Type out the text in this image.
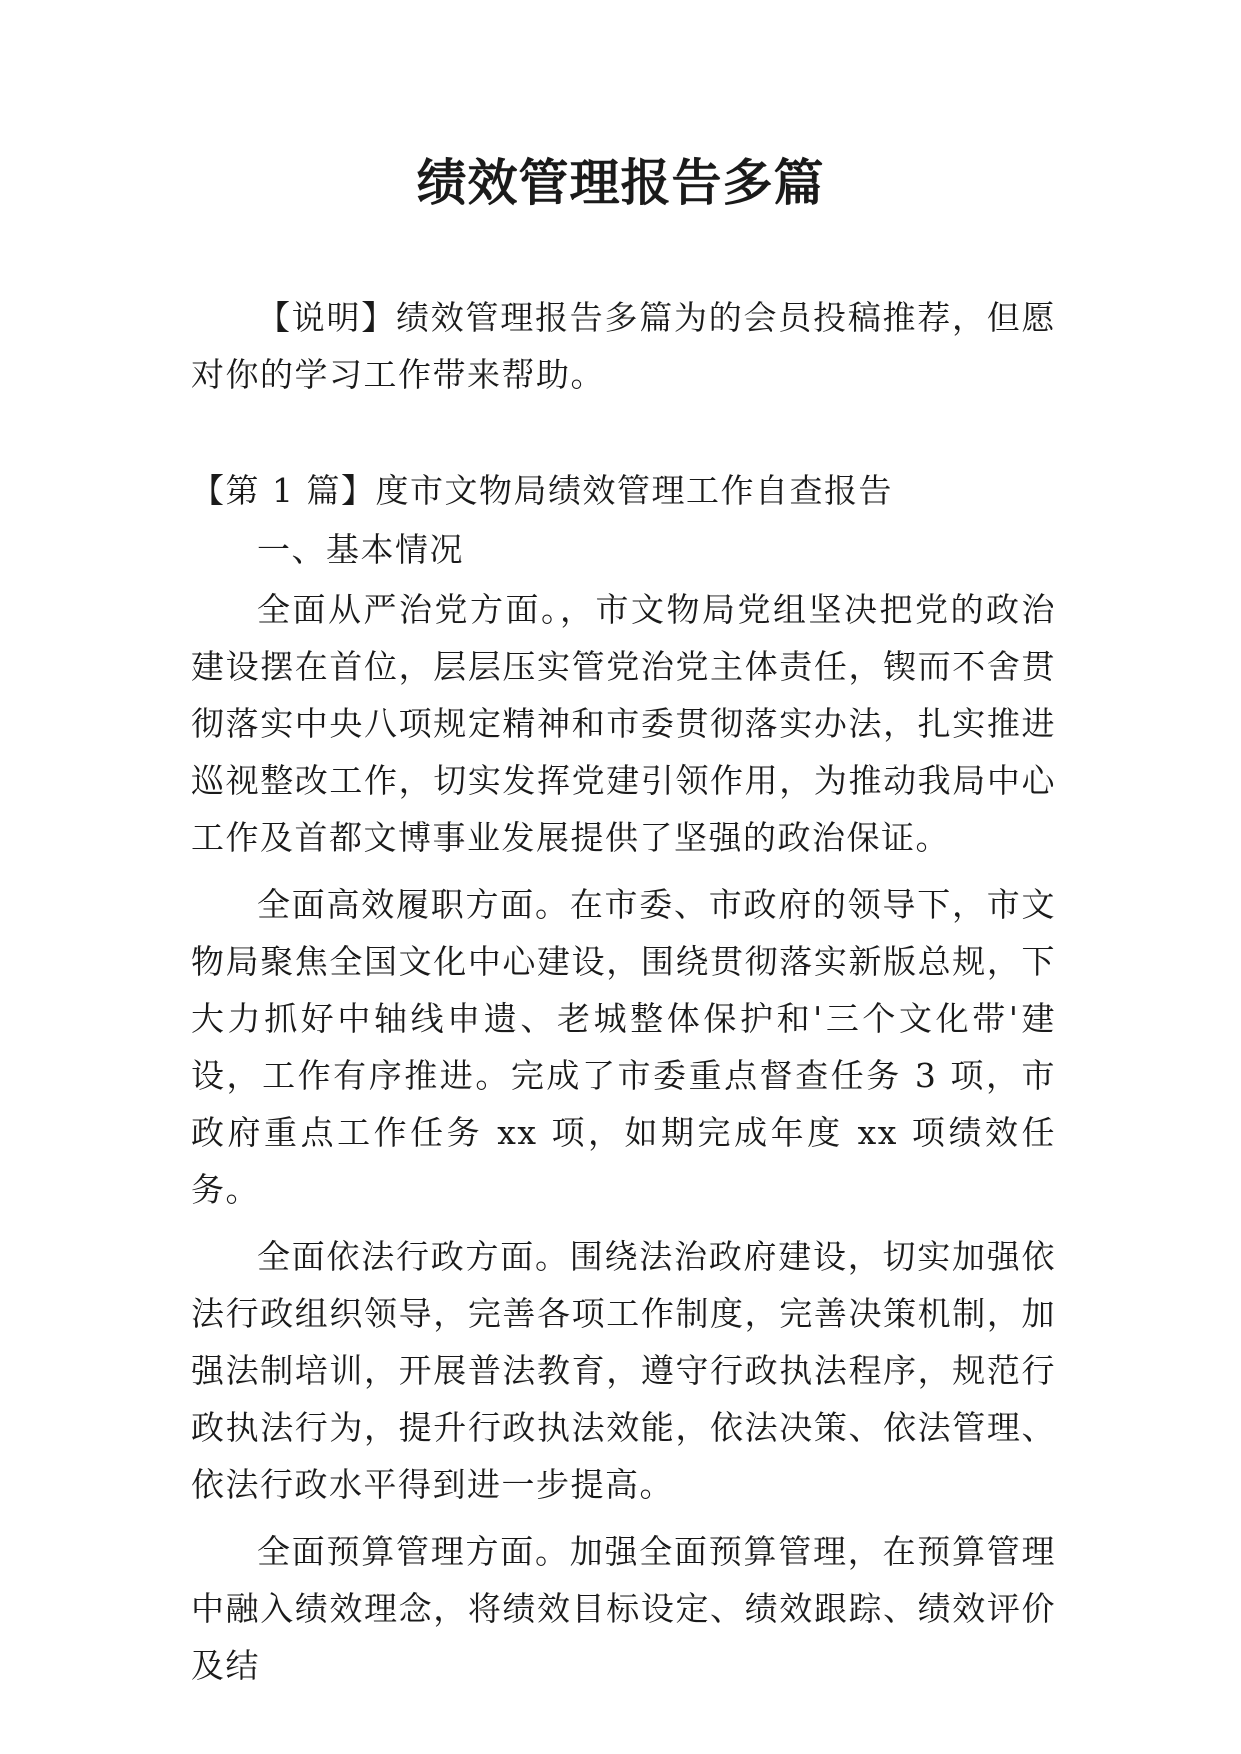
绩效管理报告多篇

【说明】绩效管理报告多篇为的会员投稿推荐，但愿对你的学习工作带来帮助。

【第 1 篇】度市文物局绩效管理工作自查报告

一、基本情况

全面从严治党方面。，市文物局党组坚决把党的政治建设摆在首位，层层压实管党治党主体责任，锲而不舍贯彻落实中央八项规定精神和市委贯彻落实办法，扎实推进巡视整改工作，切实发挥党建引领作用，为推动我局中心工作及首都文博事业发展提供了坚强的政治保证。

全面高效履职方面。在市委、市政府的领导下，市文物局聚焦全国文化中心建设，围绕贯彻落实新版总规，下大力抓好中轴线申遗、老城整体保护和'三个文化带'建设，工作有序推进。完成了市委重点督查任务 3 项，市政府重点工作任务 xx 项，如期完成年度 xx 项绩效任务。

全面依法行政方面。围绕法治政府建设，切实加强依法行政组织领导，完善各项工作制度，完善决策机制，加强法制培训，开展普法教育，遵守行政执法程序，规范行政执法行为，提升行政执法效能，依法决策、依法管理、依法行政水平得到进一步提高。

全面预算管理方面。加强全面预算管理，在预算管理中融入绩效理念，将绩效目标设定、绩效跟踪、绩效评价及结
